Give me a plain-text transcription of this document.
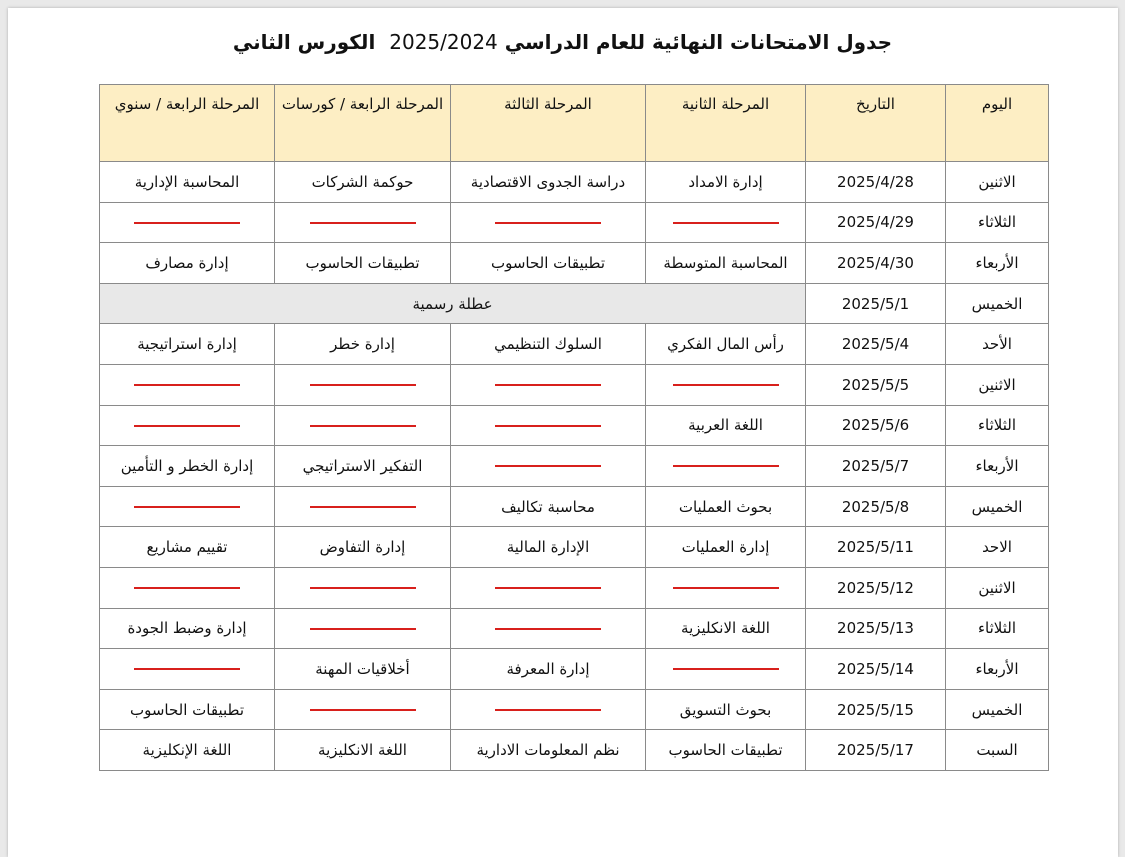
جدول الامتحانات النهائية للعام الدراسي 2025/2024  الكورس الثاني
اليوم	التاريخ	المرحلة الثانية	المرحلة الثالثة	المرحلة الرابعة / كورسات	المرحلة الرابعة / سنوي
الاثنين	2025/4/28	إدارة الامداد	دراسة الجدوى الاقتصادية	حوكمة الشركات	المحاسبة الإدارية
الثلاثاء	2025/4/29				
الأربعاء	2025/4/30	المحاسبة المتوسطة	تطبيقات الحاسوب	تطبيقات الحاسوب	إدارة مصارف
الخميس	2025/5/1	عطلة رسمية			
الأحد	2025/5/4	رأس المال الفكري	السلوك التنظيمي	إدارة خطر	إدارة استراتيجية
الاثنين	2025/5/5				
الثلاثاء	2025/5/6	اللغة العربية			
الأربعاء	2025/5/7			التفكير الاستراتيجي	إدارة الخطر و التأمين
الخميس	2025/5/8	بحوث العمليات	محاسبة تكاليف		
الاحد	2025/5/11	إدارة العمليات	الإدارة المالية	إدارة التفاوض	تقييم مشاريع
الاثنين	2025/5/12				
الثلاثاء	2025/5/13	اللغة الانكليزية			إدارة وضبط الجودة
الأربعاء	2025/5/14		إدارة المعرفة	أخلاقيات المهنة	
الخميس	2025/5/15	بحوث التسويق			تطبيقات الحاسوب
السبت	2025/5/17	تطبيقات الحاسوب	نظم المعلومات الادارية	اللغة الانكليزية	اللغة الإنكليزية
